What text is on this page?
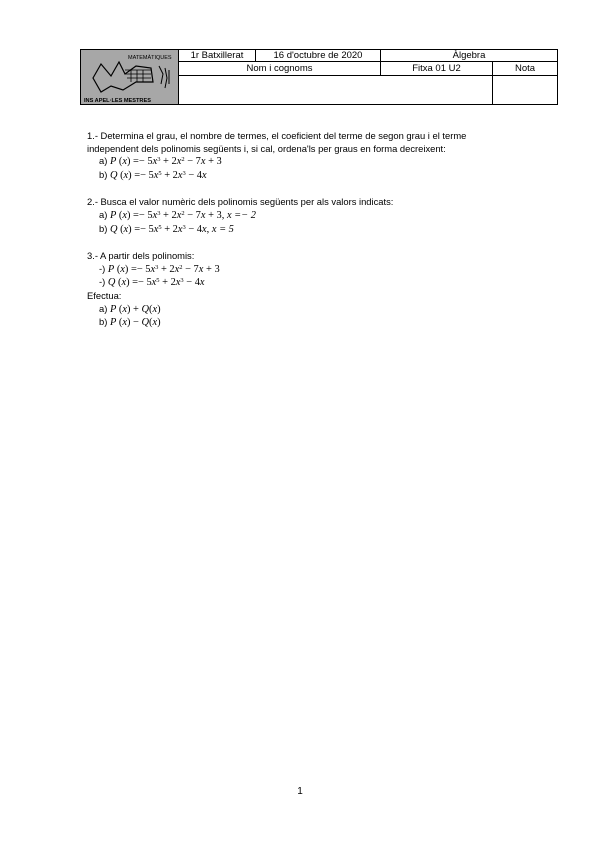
MATEMÀTIQUES
INS APEL·LES MESTRES	1r Batxillerat	16 d'octubre de 2020	Àlgebra	
	Nom i cognoms		Fitxa 01 U2	Nota

1.- Determina el grau, el nombre de termes, el coeficient del terme de segon grau i el terme

independent dels polinomis següents i, si cal, ordena'ls per graus en forma decreixent:

a) P $(x) =- 5x^3 + 2x^2 - 7x + 3$

b) Q $(x) =- 5x^5 + 2x^3 - 4x$

2.- Busca el valor numèric dels polinomis següents per als valors indicats:

a) P $(x) =- 5x^3 + 2x^2 - 7x + 3$, x =− 2

b) Q $(x) =- 5x^5 + 2x^3 - 4x$, x = 5

3.- A partir dels polinomis:

-) P $(x) =- 5x^3 + 2x^2 - 7x + 3$

-) Q $(x) =- 5x^5 + 2x^3 - 4x$

Efectua:

a) P (x) + Q(x)

b) P (x) − Q(x)

1
